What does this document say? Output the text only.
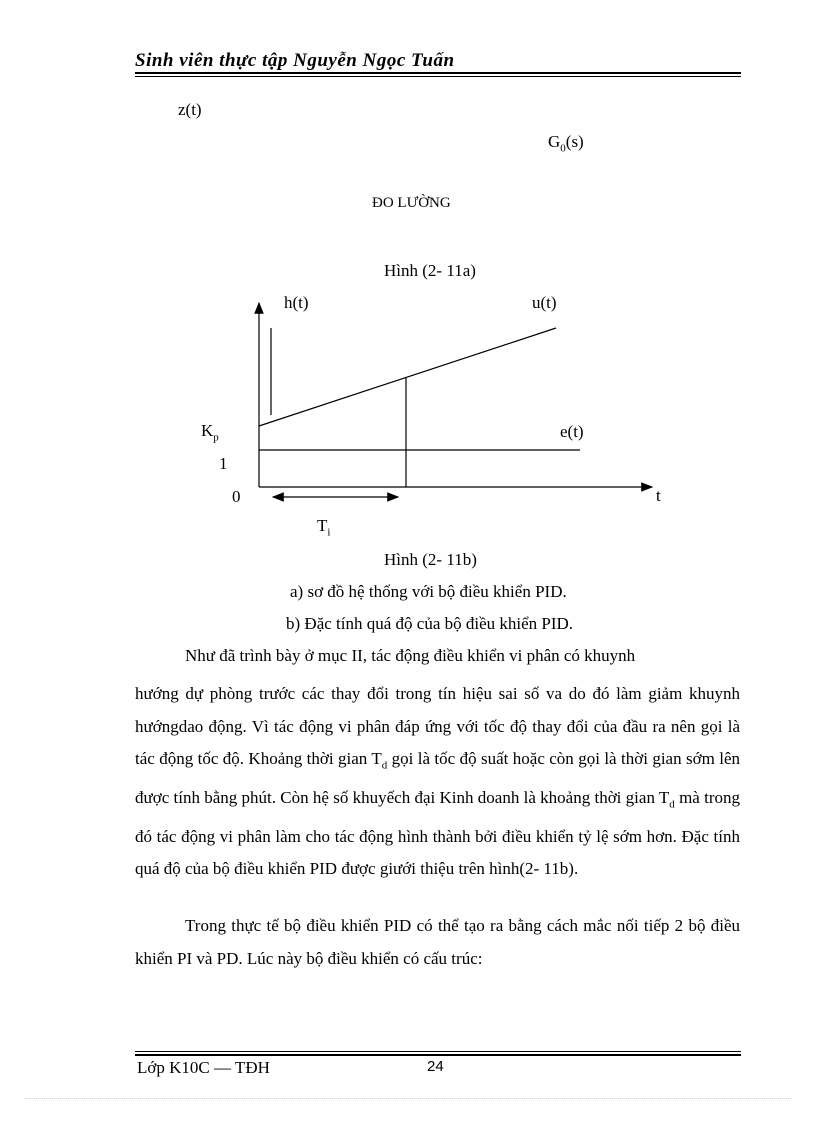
Sinh viên thực tập Nguyễn Ngọc Tuấn
z(t)
$G_0(s)$
ĐO LƯỜNG
Hình (2- 11a)
h(t)	u(t)
$K_p$	e(t)
1
0	t
$T_i$
Hình (2- 11b)
a) sơ đồ hệ thống với bộ điều khiển PID.
b) Đặc tính quá độ của bộ điều khiển PID.
Như đã trình bày ở mục II, tác động điều khiển vi phân có khuynh
hướng dự phòng trước các thay đổi trong tín hiệu sai số va do đó làm giảm khuynh hướngdao động. Vì tác động vi phân đáp ứng với tốc độ thay đổi của đầu ra nên gọi là tác động tốc độ. Khoảng thời gian $T_d$ gọi là tốc độ suất hoặc còn gọi là thời gian sớm lên được tính bằng phút. Còn hệ số khuyếch đại Kinh doanh là khoảng thời gian $T_d$ mà trong đó tác động vi phân làm cho tác động hình thành bởi điều khiển tỷ lệ sớm hơn. Đặc tính quá độ của bộ điều khiển PID được giưới thiệu trên hình(2- 11b).
Trong thực tế bộ điều khiển PID có thể tạo ra bằng cách mắc nối tiếp 2 bộ điều khiển PI và PD. Lúc này bộ điều khiển có cấu trúc:
Lớp K10C — TĐH	24
